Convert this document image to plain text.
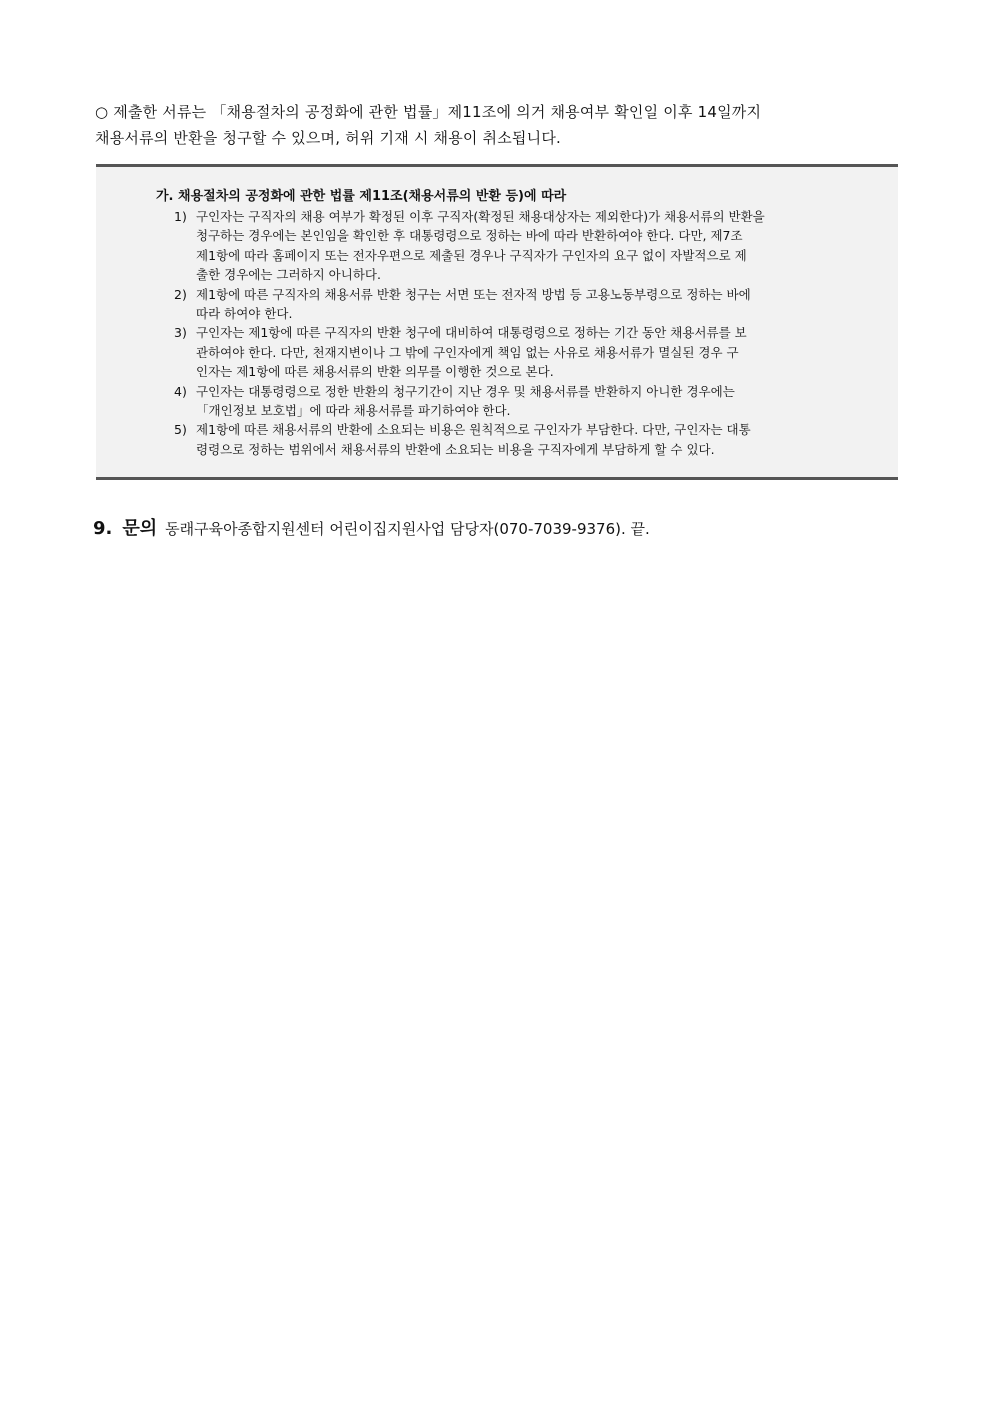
○ 제출한 서류는 「채용절차의 공정화에 관한 법률」제11조에 의거 채용여부 확인일 이후 14일까지
채용서류의 반환을 청구할 수 있으며, 허위 기재 시 채용이 취소됩니다.
가. 채용절차의 공정화에 관한 법률 제11조(채용서류의 반환 등)에 따라
1) 구인자는 구직자의 채용 여부가 확정된 이후 구직자(확정된 채용대상자는 제외한다)가 채용서류의 반환을
청구하는 경우에는 본인임을 확인한 후 대통령령으로 정하는 바에 따라 반환하여야 한다. 다만, 제7조
제1항에 따라 홈페이지 또는 전자우편으로 제출된 경우나 구직자가 구인자의 요구 없이 자발적으로 제
출한 경우에는 그러하지 아니하다.
2) 제1항에 따른 구직자의 채용서류 반환 청구는 서면 또는 전자적 방법 등 고용노동부령으로 정하는 바에
따라 하여야 한다.
3) 구인자는 제1항에 따른 구직자의 반환 청구에 대비하여 대통령령으로 정하는 기간 동안 채용서류를 보
관하여야 한다. 다만, 천재지변이나 그 밖에 구인자에게 책임 없는 사유로 채용서류가 멸실된 경우 구
인자는 제1항에 따른 채용서류의 반환 의무를 이행한 것으로 본다.
4) 구인자는 대통령령으로 정한 반환의 청구기간이 지난 경우 및 채용서류를 반환하지 아니한 경우에는
「개인정보 보호법」에 따라 채용서류를 파기하여야 한다.
5) 제1항에 따른 채용서류의 반환에 소요되는 비용은 원칙적으로 구인자가 부담한다. 다만, 구인자는 대통
령령으로 정하는 범위에서 채용서류의 반환에 소요되는 비용을 구직자에게 부담하게 할 수 있다.
9. 문의 동래구육아종합지원센터 어린이집지원사업 담당자(070-7039-9376). 끝.
